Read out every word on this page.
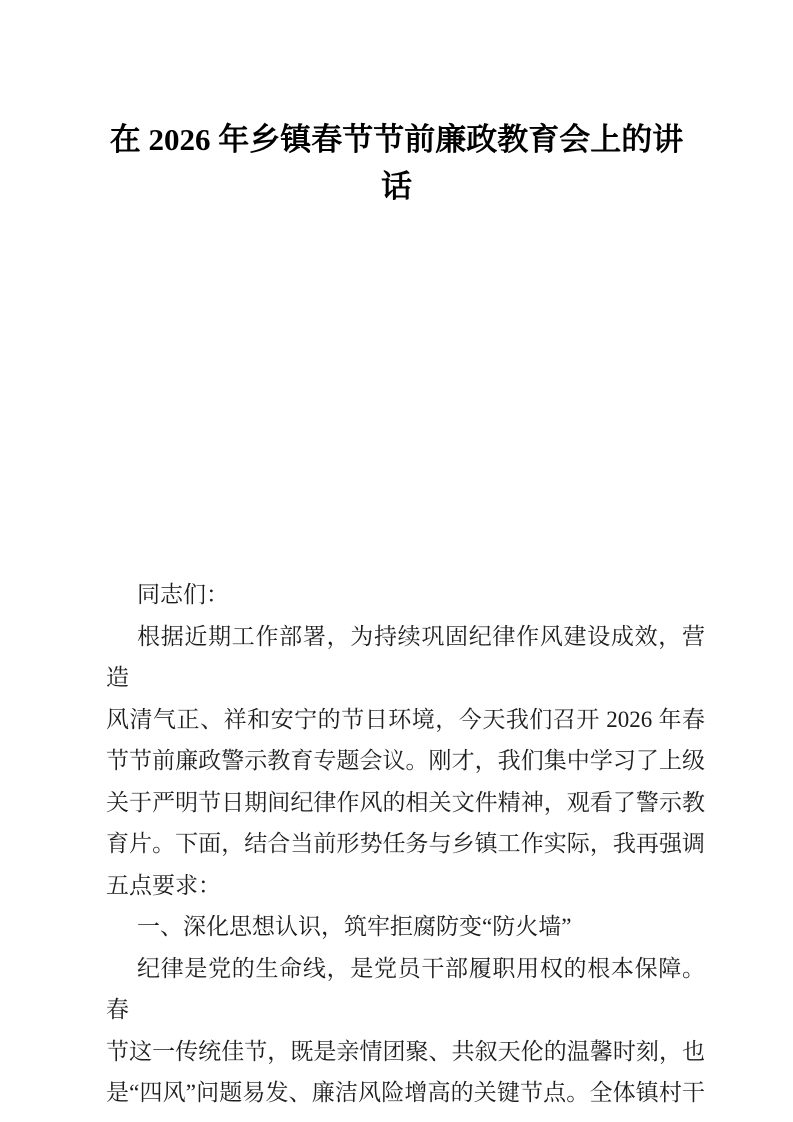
在 2026 年乡镇春节节前廉政教育会上的讲
话
同志们：
根据近期工作部署，为持续巩固纪律作风建设成效，营造
风清气正、祥和安宁的节日环境，今天我们召开 2026 年春
节节前廉政警示教育专题会议。刚才，我们集中学习了上级
关于严明节日期间纪律作风的相关文件精神，观看了警示教
育片。下面，结合当前形势任务与乡镇工作实际，我再强调
五点要求：
一、深化思想认识，筑牢拒腐防变“防火墙”
纪律是党的生命线，是党员干部履职用权的根本保障。春
节这一传统佳节，既是亲情团聚、共叙天伦的温馨时刻，也
是“四风”问题易发、廉洁风险增高的关键节点。全体镇村干
